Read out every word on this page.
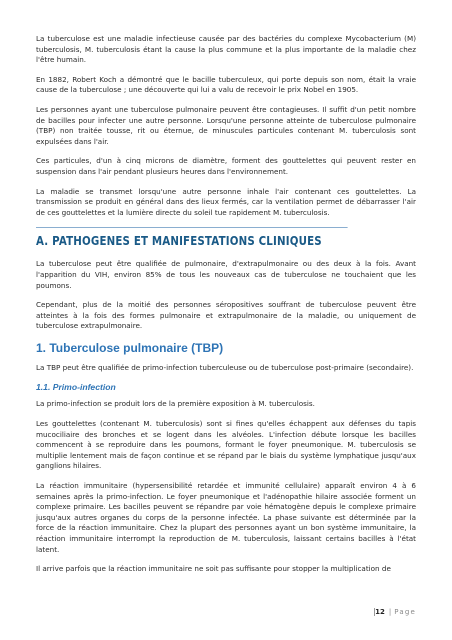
La tuberculose est une maladie infectieuse causée par des bactéries du complexe Mycobacterium (M) tuberculosis, M. tuberculosis étant la cause la plus commune et la plus importante de la maladie chez l'être humain.

En 1882, Robert Koch a démontré que le bacille tuberculeux, qui porte depuis son nom, était la vraie cause de la tuberculose ; une découverte qui lui a valu de recevoir le prix Nobel en 1905.

Les personnes ayant une tuberculose pulmonaire peuvent être contagieuses. Il suffit d'un petit nombre de bacilles pour infecter une autre personne. Lorsqu'une personne atteinte de tuberculose pulmonaire (TBP) non traitée tousse, rit ou éternue, de minuscules particules contenant M. tuberculosis sont expulsées dans l'air.

Ces particules, d'un à cinq microns de diamètre, forment des gouttelettes qui peuvent rester en suspension dans l'air pendant plusieurs heures dans l'environnement.

La maladie se transmet lorsqu'une autre personne inhale l'air contenant ces gouttelettes. La transmission se produit en général dans des lieux fermés, car la ventilation permet de débarrasser l'air de ces gouttelettes et la lumière directe du soleil tue rapidement M. tuberculosis.

A. PATHOGENES ET MANIFESTATIONS CLINIQUES

La tuberculose peut être qualifiée de pulmonaire, d'extrapulmonaire ou des deux à la fois. Avant l'apparition du VIH, environ 85% de tous les nouveaux cas de tuberculose ne touchaient que les poumons.

Cependant, plus de la moitié des personnes séropositives souffrant de tuberculose peuvent être atteintes à la fois des formes pulmonaire et extrapulmonaire de la maladie, ou uniquement de tuberculose extrapulmonaire.

1. Tuberculose pulmonaire (TBP)

La TBP peut être qualifiée de primo-infection tuberculeuse ou de tuberculose post-primaire (secondaire).

1.1. Primo-infection

La primo-infection se produit lors de la première exposition à M. tuberculosis.

Les gouttelettes (contenant M. tuberculosis) sont si fines qu'elles échappent aux défenses du tapis mucociliaire des bronches et se logent dans les alvéoles. L'infection débute lorsque les bacilles commencent à se reproduire dans les poumons, formant le foyer pneumonique. M. tuberculosis se multiplie lentement mais de façon continue et se répand par le biais du système lymphatique jusqu'aux ganglions hilaires.

La réaction immunitaire (hypersensibilité retardée et immunité cellulaire) apparaît environ 4 à 6 semaines après la primo-infection. Le foyer pneumonique et l'adénopathie hilaire associée forment un complexe primaire. Les bacilles peuvent se répandre par voie hématogène depuis le complexe primaire jusqu'aux autres organes du corps de la personne infectée. La phase suivante est déterminée par la force de la réaction immunitaire. Chez la plupart des personnes ayant un bon système immunitaire, la réaction immunitaire interrompt la reproduction de M. tuberculosis, laissant certains bacilles à l'état latent.

Il arrive parfois que la réaction immunitaire ne soit pas suffisante pour stopper la multiplication de

12 | Page
